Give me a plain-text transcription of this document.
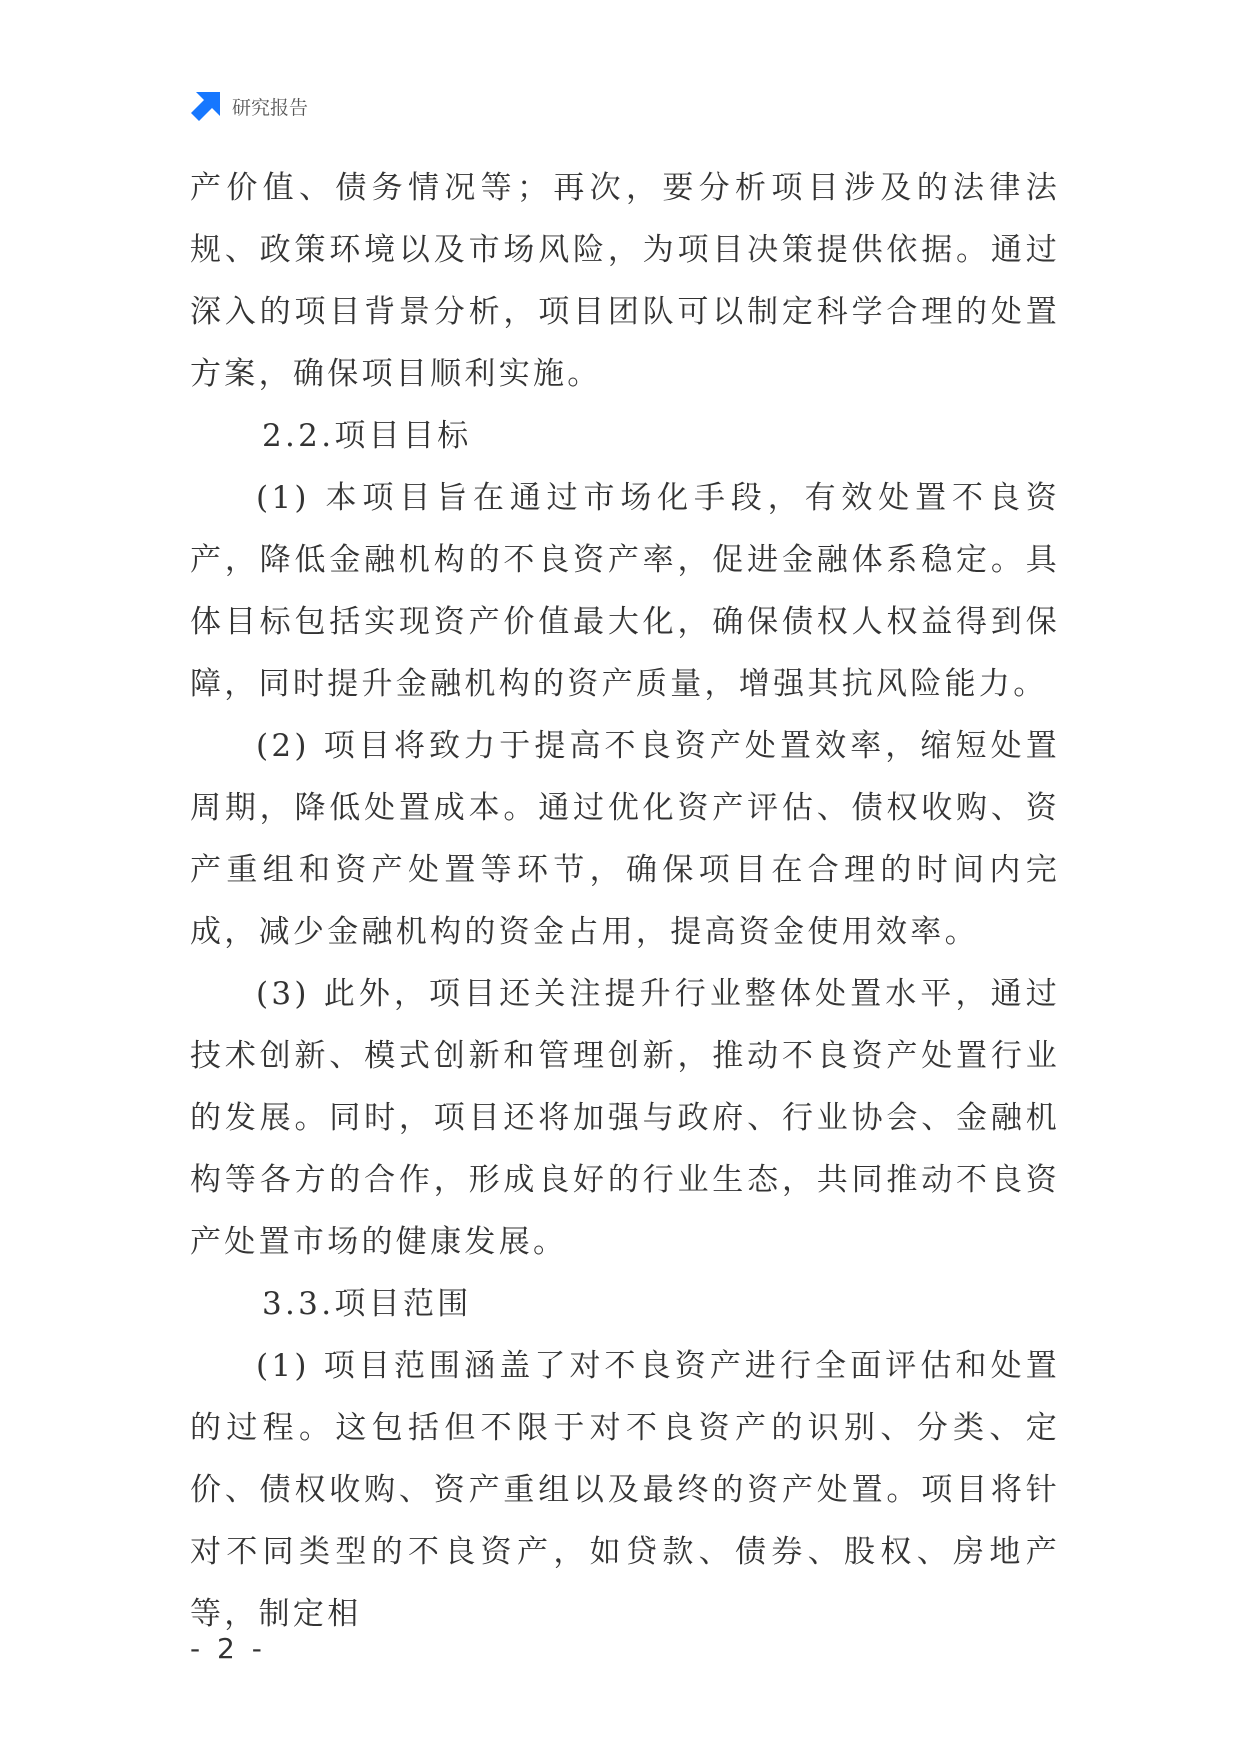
研究报告

产价值、债务情况等；再次，要分析项目涉及的法律法规、政策环境以及市场风险，为项目决策提供依据。通过深入的项目背景分析，项目团队可以制定科学合理的处置方案，确保项目顺利实施。

2.2.项目目标

(1) 本项目旨在通过市场化手段，有效处置不良资产，降低金融机构的不良资产率，促进金融体系稳定。具体目标包括实现资产价值最大化，确保债权人权益得到保障，同时提升金融机构的资产质量，增强其抗风险能力。

(2) 项目将致力于提高不良资产处置效率，缩短处置周期，降低处置成本。通过优化资产评估、债权收购、资产重组和资产处置等环节，确保项目在合理的时间内完成，减少金融机构的资金占用，提高资金使用效率。

(3) 此外，项目还关注提升行业整体处置水平，通过技术创新、模式创新和管理创新，推动不良资产处置行业的发展。同时，项目还将加强与政府、行业协会、金融机构等各方的合作，形成良好的行业生态，共同推动不良资产处置市场的健康发展。

3.3.项目范围

(1) 项目范围涵盖了对不良资产进行全面评估和处置的过程。这包括但不限于对不良资产的识别、分类、定价、债权收购、资产重组以及最终的资产处置。项目将针对不同类型的不良资产，如贷款、债券、股权、房地产等，制定相

- 2 -
